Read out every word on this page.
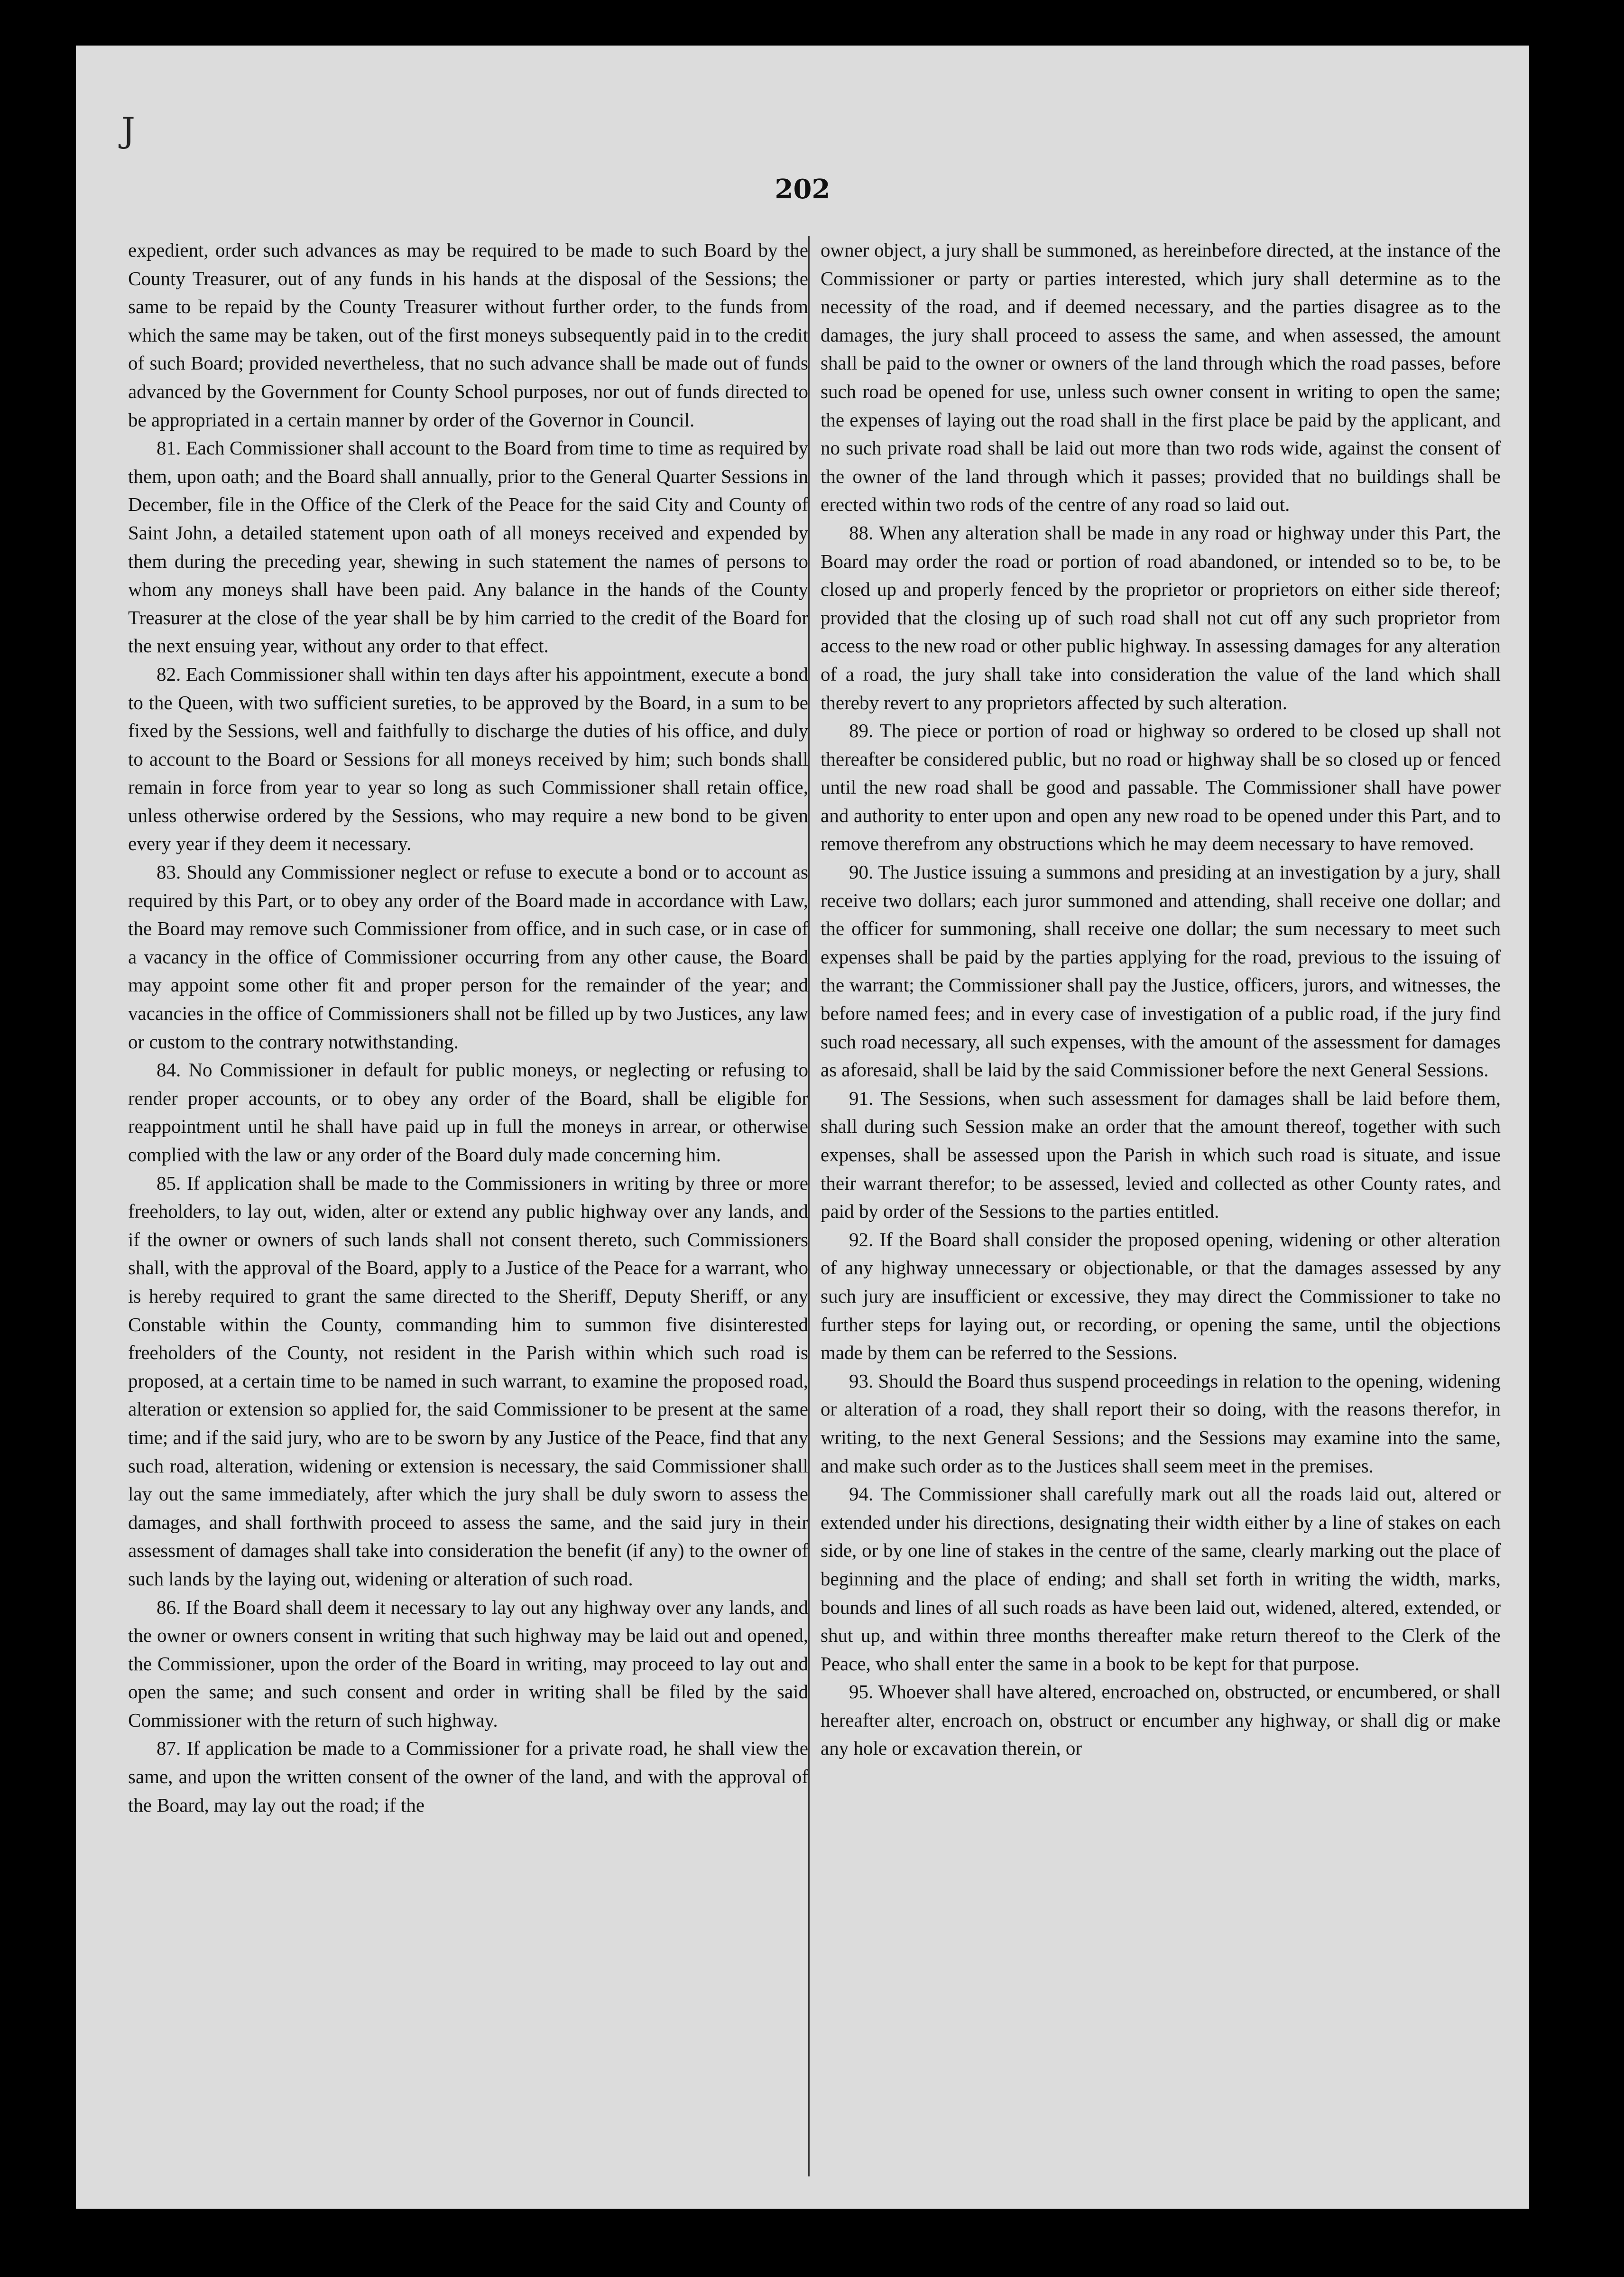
J
202

expedient, order such advances as may be required to be made to such Board by the County Treasurer, out of any funds in his hands at the disposal of the Sessions; the same to be repaid by the County Treasurer without further order, to the funds from which the same may be taken, out of the first moneys subsequently paid in to the credit of such Board; provided nevertheless, that no such advance shall be made out of funds advanced by the Government for County School purposes, nor out of funds directed to be appropriated in a certain manner by order of the Governor in Council.

81. Each Commissioner shall account to the Board from time to time as required by them, upon oath; and the Board shall annually, prior to the General Quarter Sessions in December, file in the Office of the Clerk of the Peace for the said City and County of Saint John, a detailed statement upon oath of all moneys received and expended by them during the preceding year, shewing in such statement the names of persons to whom any moneys shall have been paid. Any balance in the hands of the County Treasurer at the close of the year shall be by him carried to the credit of the Board for the next ensuing year, without any order to that effect.

82. Each Commissioner shall within ten days after his appointment, execute a bond to the Queen, with two sufficient sureties, to be approved by the Board, in a sum to be fixed by the Sessions, well and faithfully to discharge the duties of his office, and duly to account to the Board or Sessions for all moneys received by him; such bonds shall remain in force from year to year so long as such Commissioner shall retain office, unless otherwise ordered by the Sessions, who may require a new bond to be given every year if they deem it necessary.

83. Should any Commissioner neglect or refuse to execute a bond or to account as required by this Part, or to obey any order of the Board made in accordance with Law, the Board may remove such Commissioner from office, and in such case, or in case of a vacancy in the office of Commissioner occurring from any other cause, the Board may appoint some other fit and proper person for the remainder of the year; and vacancies in the office of Commissioners shall not be filled up by two Justices, any law or custom to the contrary notwithstanding.

84. No Commissioner in default for public moneys, or neglecting or refusing to render proper accounts, or to obey any order of the Board, shall be eligible for reappointment until he shall have paid up in full the moneys in arrear, or otherwise complied with the law or any order of the Board duly made concerning him.

85. If application shall be made to the Commissioners in writing by three or more freeholders, to lay out, widen, alter or extend any public highway over any lands, and if the owner or owners of such lands shall not consent thereto, such Commissioners shall, with the approval of the Board, apply to a Justice of the Peace for a warrant, who is hereby required to grant the same directed to the Sheriff, Deputy Sheriff, or any Constable within the County, commanding him to summon five disinterested freeholders of the County, not resident in the Parish within which such road is proposed, at a certain time to be named in such warrant, to examine the proposed road, alteration or extension so applied for, the said Commissioner to be present at the same time; and if the said jury, who are to be sworn by any Justice of the Peace, find that any such road, alteration, widening or extension is necessary, the said Commissioner shall lay out the same immediately, after which the jury shall be duly sworn to assess the damages, and shall forthwith proceed to assess the same, and the said jury in their assessment of damages shall take into consideration the benefit (if any) to the owner of such lands by the laying out, widening or alteration of such road.

86. If the Board shall deem it necessary to lay out any highway over any lands, and the owner or owners consent in writing that such highway may be laid out and opened, the Commissioner, upon the order of the Board in writing, may proceed to lay out and open the same; and such consent and order in writing shall be filed by the said Commissioner with the return of such highway.

87. If application be made to a Commissioner for a private road, he shall view the same, and upon the written consent of the owner of the land, and with the approval of the Board, may lay out the road; if the

owner object, a jury shall be summoned, as hereinbefore directed, at the instance of the Commissioner or party or parties interested, which jury shall determine as to the necessity of the road, and if deemed necessary, and the parties disagree as to the damages, the jury shall proceed to assess the same, and when assessed, the amount shall be paid to the owner or owners of the land through which the road passes, before such road be opened for use, unless such owner consent in writing to open the same; the expenses of laying out the road shall in the first place be paid by the applicant, and no such private road shall be laid out more than two rods wide, against the consent of the owner of the land through which it passes; provided that no buildings shall be erected within two rods of the centre of any road so laid out.

88. When any alteration shall be made in any road or highway under this Part, the Board may order the road or portion of road abandoned, or intended so to be, to be closed up and properly fenced by the proprietor or proprietors on either side thereof; provided that the closing up of such road shall not cut off any such proprietor from access to the new road or other public highway. In assessing damages for any alteration of a road, the jury shall take into consideration the value of the land which shall thereby revert to any proprietors affected by such alteration.

89. The piece or portion of road or highway so ordered to be closed up shall not thereafter be considered public, but no road or highway shall be so closed up or fenced until the new road shall be good and passable. The Commissioner shall have power and authority to enter upon and open any new road to be opened under this Part, and to remove therefrom any obstructions which he may deem necessary to have removed.

90. The Justice issuing a summons and presiding at an investigation by a jury, shall receive two dollars; each juror summoned and attending, shall receive one dollar; and the officer for summoning, shall receive one dollar; the sum necessary to meet such expenses shall be paid by the parties applying for the road, previous to the issuing of the warrant; the Commissioner shall pay the Justice, officers, jurors, and witnesses, the before named fees; and in every case of investigation of a public road, if the jury find such road necessary, all such expenses, with the amount of the assessment for damages as aforesaid, shall be laid by the said Commissioner before the next General Sessions.

91. The Sessions, when such assessment for damages shall be laid before them, shall during such Session make an order that the amount thereof, together with such expenses, shall be assessed upon the Parish in which such road is situate, and issue their warrant therefor; to be assessed, levied and collected as other County rates, and paid by order of the Sessions to the parties entitled.

92. If the Board shall consider the proposed opening, widening or other alteration of any highway unnecessary or objectionable, or that the damages assessed by any such jury are insufficient or excessive, they may direct the Commissioner to take no further steps for laying out, or recording, or opening the same, until the objections made by them can be referred to the Sessions.

93. Should the Board thus suspend proceedings in relation to the opening, widening or alteration of a road, they shall report their so doing, with the reasons therefor, in writing, to the next General Sessions; and the Sessions may examine into the same, and make such order as to the Justices shall seem meet in the premises.

94. The Commissioner shall carefully mark out all the roads laid out, altered or extended under his directions, designating their width either by a line of stakes on each side, or by one line of stakes in the centre of the same, clearly marking out the place of beginning and the place of ending; and shall set forth in writing the width, marks, bounds and lines of all such roads as have been laid out, widened, altered, extended, or shut up, and within three months thereafter make return thereof to the Clerk of the Peace, who shall enter the same in a book to be kept for that purpose.

95. Whoever shall have altered, encroached on, obstructed, or encumbered, or shall hereafter alter, encroach on, obstruct or encumber any highway, or shall dig or make any hole or excavation therein, or
